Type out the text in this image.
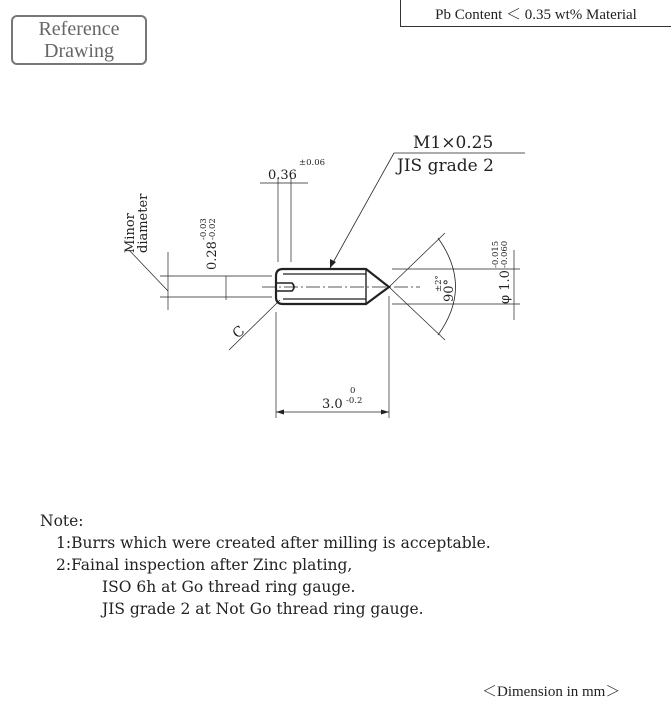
Reference
Drawing
Pb Content ＜ 0.35 wt% Material
M1×0.25
JIS grade 2
0.36
±0.06
Minor
diameter
0.28
-0.03 -0.02
C
90°
±2°	φ 1.0
-0.015 -0.060
3.0
0
-0.2
Note:
1:Burrs which were created after milling is acceptable.
2:Fainal inspection after Zinc plating,
ISO 6h at Go thread ring gauge.
JIS grade 2 at Not Go thread ring gauge.
＜Dimension in mm＞
